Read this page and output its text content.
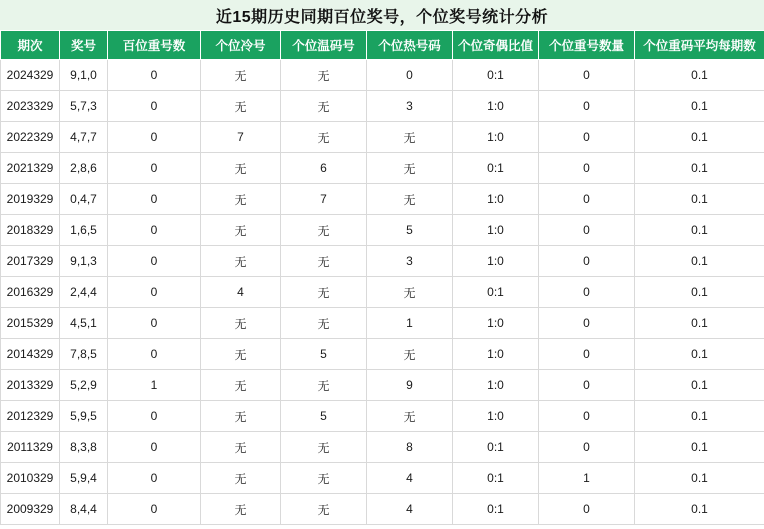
近15期历史同期百位奖号，个位奖号统计分析
期次	奖号	百位重号数	个位冷号	个位温码号	个位热号码	个位奇偶比值	个位重号数量	个位重码平均每期数
2024329	9,1,0	0	无	无	0	0:1	0	0.1
2023329	5,7,3	0	无	无	3	1:0	0	0.1
2022329	4,7,7	0	7	无	无	1:0	0	0.1
2021329	2,8,6	0	无	6	无	0:1	0	0.1
2019329	0,4,7	0	无	7	无	1:0	0	0.1
2018329	1,6,5	0	无	无	5	1:0	0	0.1
2017329	9,1,3	0	无	无	3	1:0	0	0.1
2016329	2,4,4	0	4	无	无	0:1	0	0.1
2015329	4,5,1	0	无	无	1	1:0	0	0.1
2014329	7,8,5	0	无	5	无	1:0	0	0.1
2013329	5,2,9	1	无	无	9	1:0	0	0.1
2012329	5,9,5	0	无	5	无	1:0	0	0.1
2011329	8,3,8	0	无	无	8	0:1	0	0.1
2010329	5,9,4	0	无	无	4	0:1	1	0.1
2009329	8,4,4	0	无	无	4	0:1	0	0.1
